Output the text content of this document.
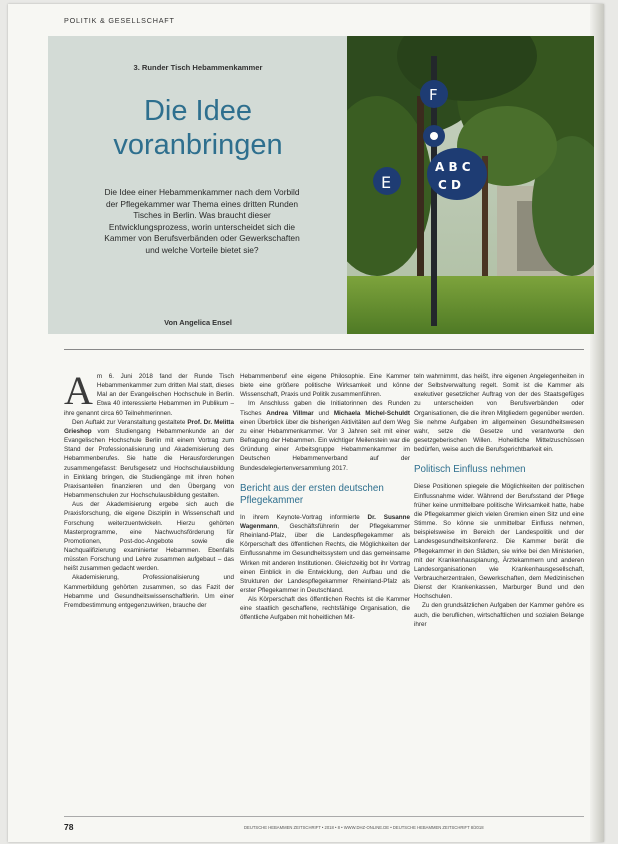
POLITIK & GESELLSCHAFT
3. Runder Tisch Hebammenkammer
Die Idee
voranbringen
Die Idee einer Hebammenkammer nach dem Vorbild der Pflegekammer war Thema eines dritten Runden Tisches in Berlin. Was braucht dieser Entwicklungsprozess, worin unterscheidet sich die Kammer von Berufsverbänden oder Gewerkschaften und welche Vorteile bietet sie?
Von Angelica Ensel
F
E
A B C
C D

Am 6. Juni 2018 fand der Runde Tisch Hebammenkammer zum dritten Mal statt, dieses Mal an der Evangelischen Hochschule in Berlin. Etwa 40 interessierte Hebammen im Publikum – ihre genannt circa 60 Teilnehmerinnen.

Den Auftakt zur Veranstaltung gestaltete Prof. Dr. Melitta Grieshop vom Studiengang Hebammenkunde an der Evangelischen Hochschule Berlin mit einem Vortrag zum Stand der Professionalisierung und Akademisierung des Hebammenberufes. Sie hatte die Herausforderungen zusammengefasst: Berufsgesetz und Hochschulausbildung in Einklang bringen, die Studiengänge mit ihren hohen Praxisanteilen finanzieren und den Übergang von Hebammenschulen zur Hochschulausbildung gestalten.

Aus der Akademisierung ergebe sich auch die Praxisforschung, die eigene Disziplin in Wissenschaft und Forschung weiterzuentwickeln. Hierzu gehörten Masterprogramme, eine Nachwuchsförderung für Promotionen, Post-doc-Angebote sowie die Nachqualifizierung examinierter Hebammen. Ebenfalls müssten Forschung und Lehre zusammen aufgebaut – das heißt zusammen gedacht werden.

Akademisierung, Professionalisierung und Kammerbildung gehörten zusammen, so das Fazit der Hebamme und Gesundheitswissenschaftlerin. Um einer Fremdbestimmung entgegenzuwirken, brauche der

Hebammenberuf eine eigene Philosophie. Eine Kammer biete eine größere politische Wirksamkeit und könne Wissenschaft, Praxis und Politik zusammenführen.

Im Anschluss gaben die Initiatorinnen des Runden Tisches Andrea Villmar und Michaela Michel-Schuldt einen Überblick über die bisherigen Aktivitäten auf dem Weg zu einer Hebammenkammer. Vor 3 Jahren seit mit einer Befragung der Hebammen. Ein wichtiger Meilenstein war die Gründung einer Arbeitsgruppe Hebammenkammer im Deutschen Hebammenverband auf der Bundesdelegiertenversammlung 2017.

Bericht aus der ersten deutschen Pflegekammer

In ihrem Keynote-Vortrag informierte Dr. Susanne Wagenmann, Geschäftsführerin der Pflegekammer Rheinland-Pfalz, über die Landespflegekammer als Körperschaft des öffentlichen Rechts, die Möglichkeiten der Einflussnahme im Gesundheitssystem und das gemeinsame Wirken mit anderen Institutionen. Gleichzeitig bot ihr Vortrag einen Einblick in die Entwicklung, den Aufbau und die Strukturen der Landespflegekammer Rheinland-Pfalz als erster Pflegekammer in Deutschland.

Als Körperschaft des öffentlichen Rechts ist die Kammer eine staatlich geschaffene, rechtsfähige Organisation, die öffentliche Aufgaben mit hoheitlichen Mit-

teln wahrnimmt, das heißt, ihre eigenen Angelegenheiten in der Selbstverwaltung regelt. Somit ist die Kammer als exekutiver gesetzlicher Auftrag von der des Staatsgefüges zu unterscheiden von Berufsverbänden oder Organisationen, die die ihren Mitgliedern gegenüber werden. Sie nehme Aufgaben im allgemeinen Gesundheitswesen wahr, setze die Gesetze und verantworte den gesetzgeberischen Willen. Hoheitliche Mittelzuschüssen bedürfen, weise auch die Berufsgerichtbarkeit ein.

Politisch Einfluss nehmen

Diese Positionen spiegele die Möglichkeiten der politischen Einflussnahme wider. Während der Berufsstand der Pflege früher keine unmittelbare politische Wirksamkeit hatte, habe die Pflegekammer gleich vielen Gremien einen Sitz und eine Stimme. So könne sie unmittelbar Einfluss nehmen, beispielsweise im Bereich der Landespolitik und der Landesgesundheitskonferenz. Die Kammer berät die Pflegekammer in den Städten, sie wirke bei den Ministerien, mit der Krankenhausplanung, Ärztekammern und anderen Landesorganisationen wie Krankenhausgesellschaft, Verbraucherzentralen, Gewerkschaften, dem Medizinischen Dienst der Krankenkassen, Marburger Bund und den Hochschulen.

Zu den grundsätzlichen Aufgaben der Kammer gehöre es auch, die beruflichen, wirtschaftlichen und sozialen Belange ihrer

78	DEUTSCHE HEBAMMEN ZEITSCHRIFT • 2018 • 8 • WWW.DHZ-ONLINE.DE • DEUTSCHE HEBAMMEN ZEITSCHRIFT 8/2018
